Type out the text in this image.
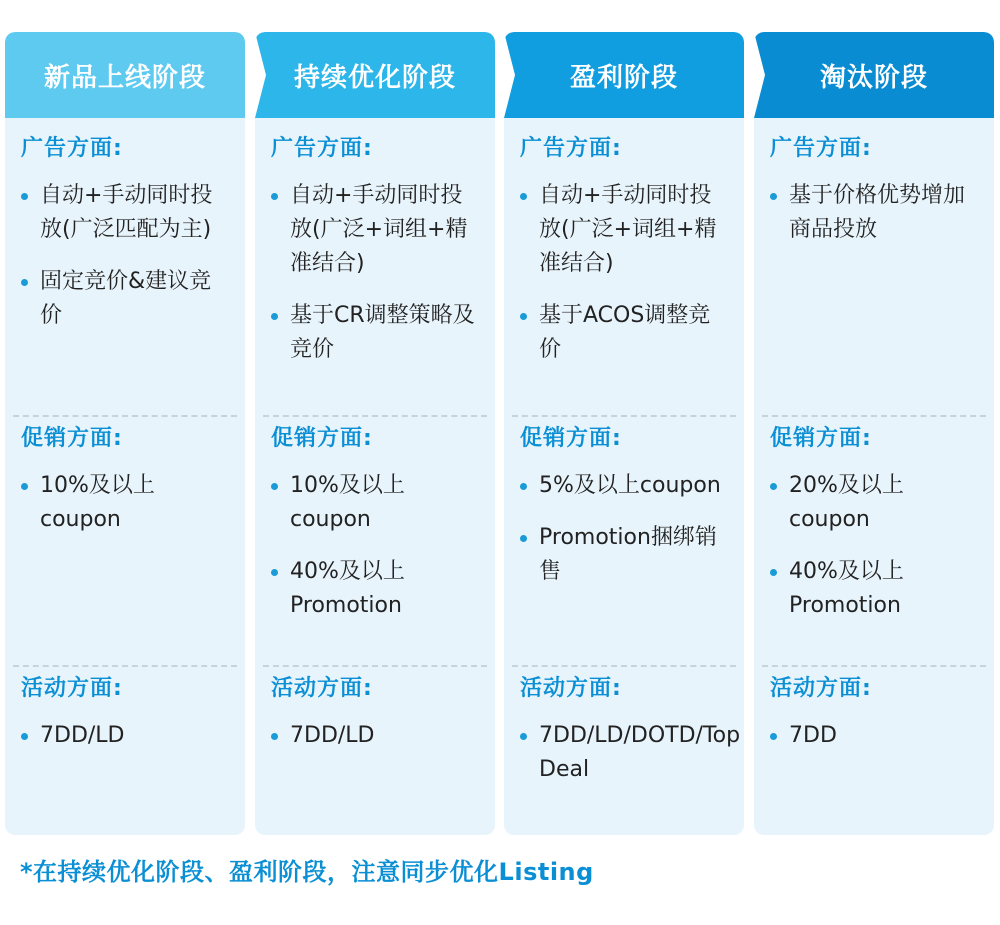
新品上线阶段
广告方面:
自动+手动同时投放(广泛匹配为主)
固定竞价&建议竞价
促销方面:
10%及以上coupon
活动方面:
7DD/LD
持续优化阶段
广告方面:
自动+手动同时投放(广泛+词组+精准结合)
基于CR调整策略及竞价
促销方面:
10%及以上coupon
40%及以上Promotion
活动方面:
7DD/LD
盈利阶段
广告方面:
自动+手动同时投放(广泛+词组+精准结合)
基于ACOS调整竞价
促销方面:
5%及以上coupon
Promotion捆绑销售
活动方面:
7DD/LD/DOTD/Top Deal
淘汰阶段
广告方面:
基于价格优势增加商品投放
促销方面:
20%及以上coupon
40%及以上Promotion
活动方面:
7DD
*在持续优化阶段、盈利阶段，注意同步优化Listing
